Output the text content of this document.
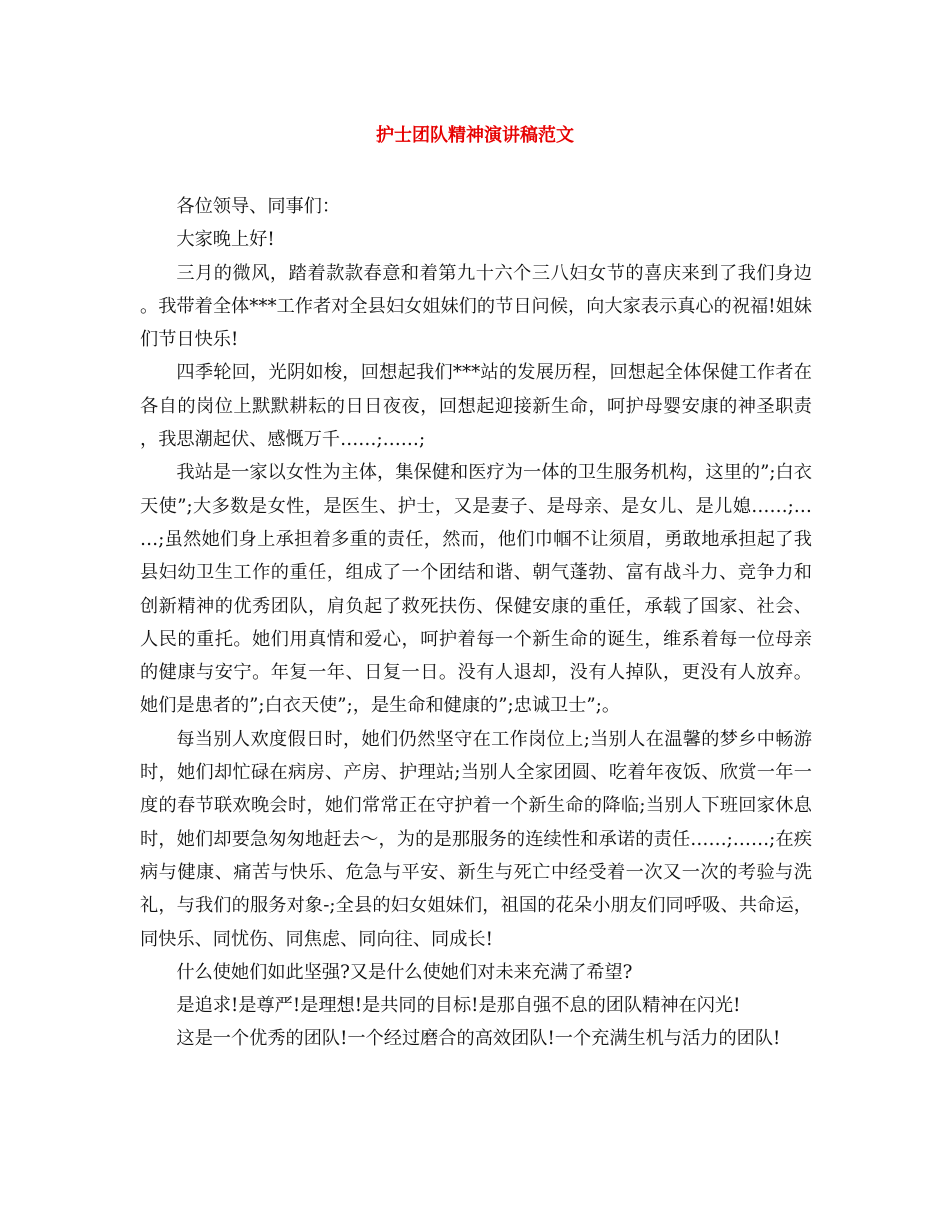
护士团队精神演讲稿范文

各位领导、同事们：

大家晚上好!

三月的微风，踏着款款春意和着第九十六个三八妇女节的喜庆来到了我们身边。我带着全体***工作者对全县妇女姐妹们的节日问候，向大家表示真心的祝福!姐妹们节日快乐!

四季轮回，光阴如梭，回想起我们***站的发展历程，回想起全体保健工作者在各自的岗位上默默耕耘的日日夜夜，回想起迎接新生命，呵护母婴安康的神圣职责，我思潮起伏、感慨万千……;……;

我站是一家以女性为主体，集保健和医疗为一体的卫生服务机构，这里的”;白衣天使”;大多数是女性，是医生、护士，又是妻子、是母亲、是女儿、是儿媳……;……;虽然她们身上承担着多重的责任，然而，他们巾帼不让须眉，勇敢地承担起了我县妇幼卫生工作的重任，组成了一个团结和谐、朝气蓬勃、富有战斗力、竞争力和创新精神的优秀团队，肩负起了救死扶伤、保健安康的重任，承载了国家、社会、人民的重托。她们用真情和爱心，呵护着每一个新生命的诞生，维系着每一位母亲的健康与安宁。年复一年、日复一日。没有人退却，没有人掉队，更没有人放弃。她们是患者的”;白衣天使”;，是生命和健康的”;忠诚卫士”;。

每当别人欢度假日时，她们仍然坚守在工作岗位上;当别人在温馨的梦乡中畅游时，她们却忙碌在病房、产房、护理站;当别人全家团圆、吃着年夜饭、欣赏一年一度的春节联欢晚会时，她们常常正在守护着一个新生命的降临;当别人下班回家休息时，她们却要急匆匆地赶去～，为的是那服务的连续性和承诺的责任……;……;在疾病与健康、痛苦与快乐、危急与平安、新生与死亡中经受着一次又一次的考验与洗礼，与我们的服务对象-;全县的妇女姐妹们，祖国的花朵小朋友们同呼吸、共命运，同快乐、同忧伤、同焦虑、同向往、同成长!

什么使她们如此坚强?又是什么使她们对未来充满了希望?

是追求!是尊严!是理想!是共同的目标!是那自强不息的团队精神在闪光!

这是一个优秀的团队!一个经过磨合的高效团队!一个充满生机与活力的团队!
